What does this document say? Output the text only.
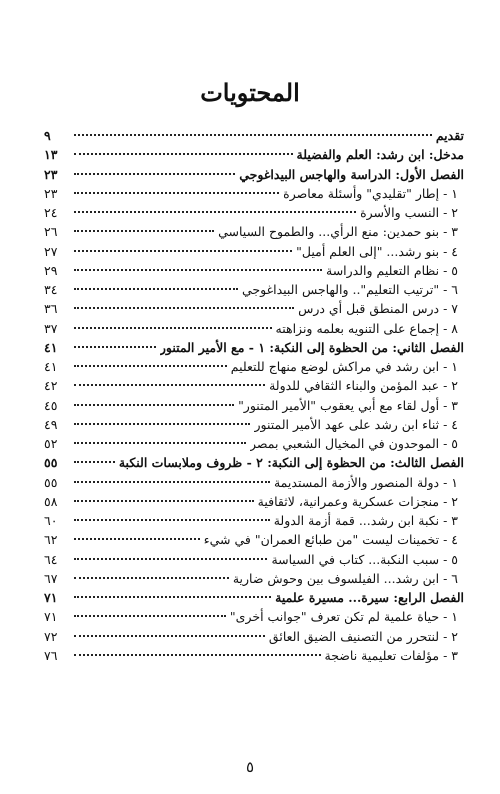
المحتويات
تقديم
٩
مدخل: ابن رشد: العلم والفضيلة
١٣
الفصل الأول: الدراسة والهاجس البيداغوجي
٢٣
١ - إطار "تقليدي" وأسئلة معاصرة
٢٣
٢ - النسب والأسرة
٢٤
٣ - بنو حمدين: منع الرأي... والطموح السياسي
٢٦
٤ - بنو رشد... "إلى العلم أميل"
٢٧
٥ - نظام التعليم والدراسة
٢٩
٦ - "ترتيب التعليم".. والهاجس البيداغوجي
٣٤
٧ - درس المنطق قبل أي درس
٣٦
٨ - إجماع على التنويه بعلمه ونزاهته
٣٧
الفصل الثاني: من الحظوة إلى النكبة: ١ - مع الأمير المتنور
٤١
١ - ابن رشد في مراكش لوضع منهاج للتعليم
٤١
٢ - عبد المؤمن والبناء الثقافي للدولة
٤٢
٣ - أول لقاء مع أبي يعقوب "الأمير المتنور"
٤٥
٤ - ثناء ابن رشد على عهد الأمير المتنور
٤٩
٥ - الموحدون في المخيال الشعبي بمصر
٥٢
الفصل الثالث: من الحظوة إلى النكبة: ٢ - ظروف وملابسات النكبة
٥٥
١ - دولة المنصور والأزمة المستديمة
٥٥
٢ - منجزات عسكرية وعمرانية، لاثقافية
٥٨
٣ - نكبة ابن رشد... قمة أزمة الدولة
٦٠
٤ - تخمينات ليست "من طبائع العمران" في شيء
٦٢
٥ - سبب النكبة... كتاب في السياسة
٦٤
٦ - ابن رشد... الفيلسوف بين وحوش ضارية
٦٧
الفصل الرابع: سيرة... مسيرة علمية
٧١
١ - حياة علمية لم تكن تعرف "جوانب أخرى"
٧١
٢ - لنتحرر من التصنيف الضيق العائق
٧٢
٣ - مؤلفات تعليمية ناضجة
٧٦
٥
